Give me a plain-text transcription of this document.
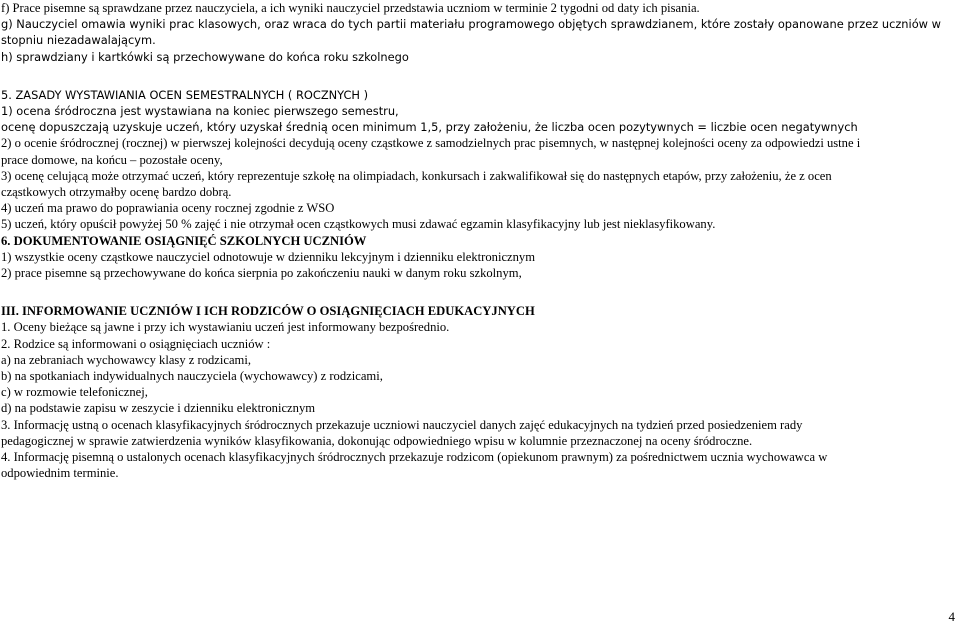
f) Prace pisemne są sprawdzane przez nauczyciela, a ich wyniki nauczyciel przedstawia uczniom w terminie 2 tygodni od daty ich pisania.

g) Nauczyciel omawia wyniki prac klasowych, oraz wraca do tych partii materiału programowego objętych sprawdzianem, które zostały opanowane przez uczniów w

stopniu niezadawalającym.

h) sprawdziany i kartkówki są przechowywane do końca roku szkolnego

5. ZASADY WYSTAWIANIA OCEN SEMESTRALNYCH ( ROCZNYCH )

1) ocena śródroczna jest wystawiana na koniec pierwszego semestru,

ocenę dopuszczają uzyskuje uczeń, który uzyskał średnią ocen minimum 1,5, przy założeniu, że liczba ocen pozytywnych = liczbie ocen negatywnych

2) o ocenie śródrocznej (rocznej) w pierwszej kolejności decydują oceny cząstkowe z samodzielnych prac pisemnych, w następnej kolejności oceny za odpowiedzi ustne i

prace domowe, na końcu – pozostałe oceny,

3) ocenę celującą może otrzymać uczeń, który reprezentuje szkołę na olimpiadach, konkursach i zakwalifikował się do następnych etapów, przy założeniu, że z ocen

cząstkowych otrzymałby ocenę bardzo dobrą.

4) uczeń ma prawo do poprawiania oceny rocznej zgodnie z WSO

5) uczeń, który opuścił powyżej 50 % zajęć i nie otrzymał ocen cząstkowych musi zdawać egzamin klasyfikacyjny lub jest nieklasyfikowany.

6. DOKUMENTOWANIE OSIĄGNIĘĆ SZKOLNYCH UCZNIÓW

1) wszystkie oceny cząstkowe nauczyciel odnotowuje w dzienniku lekcyjnym i dzienniku elektronicznym

2) prace pisemne są przechowywane do końca sierpnia po zakończeniu nauki w danym roku szkolnym,

III. INFORMOWANIE UCZNIÓW I ICH RODZICÓW O OSIĄGNIĘCIACH EDUKACYJNYCH

1. Oceny bieżące są jawne i przy ich wystawianiu uczeń jest informowany bezpośrednio.

2. Rodzice są informowani o osiągnięciach uczniów :

a) na zebraniach wychowawcy klasy z rodzicami,

b) na spotkaniach indywidualnych nauczyciela (wychowawcy) z rodzicami,

c) w rozmowie telefonicznej,

d) na podstawie zapisu w zeszycie i dzienniku elektronicznym

3. Informację ustną o ocenach klasyfikacyjnych śródrocznych przekazuje uczniowi nauczyciel danych zajęć edukacyjnych na tydzień przed posiedzeniem rady

pedagogicznej w sprawie zatwierdzenia wyników klasyfikowania, dokonując odpowiedniego wpisu w kolumnie przeznaczonej na oceny śródroczne.

4. Informację pisemną o ustalonych ocenach klasyfikacyjnych śródrocznych przekazuje rodzicom (opiekunom prawnym) za pośrednictwem ucznia wychowawca w

odpowiednim terminie.

4
